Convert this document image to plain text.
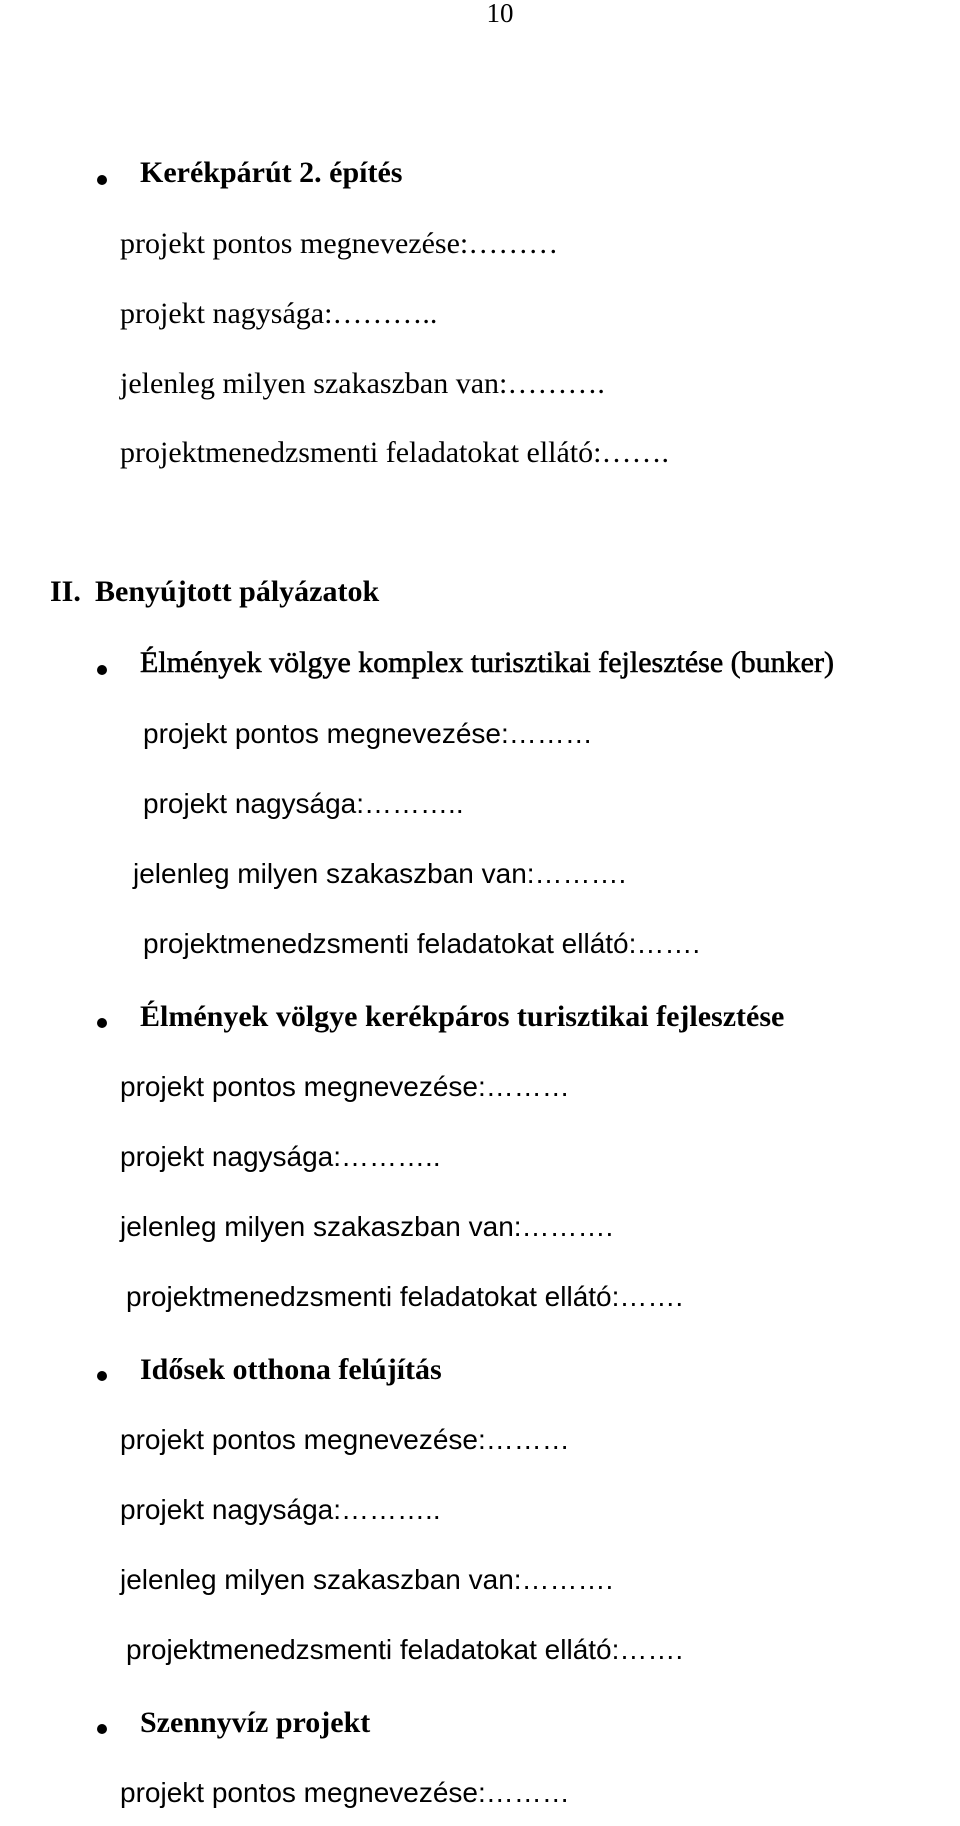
10
Kerékpárút 2. építés
projekt pontos megnevezése:………
projekt nagysága:………..
jelenleg milyen szakaszban van:……….
projektmenedzsmenti feladatokat ellátó:…….
II. Benyújtott pályázatok
Élmények völgye komplex turisztikai fejlesztése (bunker)
projekt pontos megnevezése:………
projekt nagysága:………..
jelenleg milyen szakaszban van:……….
projektmenedzsmenti feladatokat ellátó:…….
Élmények völgye kerékpáros turisztikai fejlesztése
projekt pontos megnevezése:………
projekt nagysága:………..
jelenleg milyen szakaszban van:……….
projektmenedzsmenti feladatokat ellátó:…….
Idősek otthona felújítás
projekt pontos megnevezése:………
projekt nagysága:………..
jelenleg milyen szakaszban van:……….
projektmenedzsmenti feladatokat ellátó:…….
Szennyvíz projekt
projekt pontos megnevezése:………
